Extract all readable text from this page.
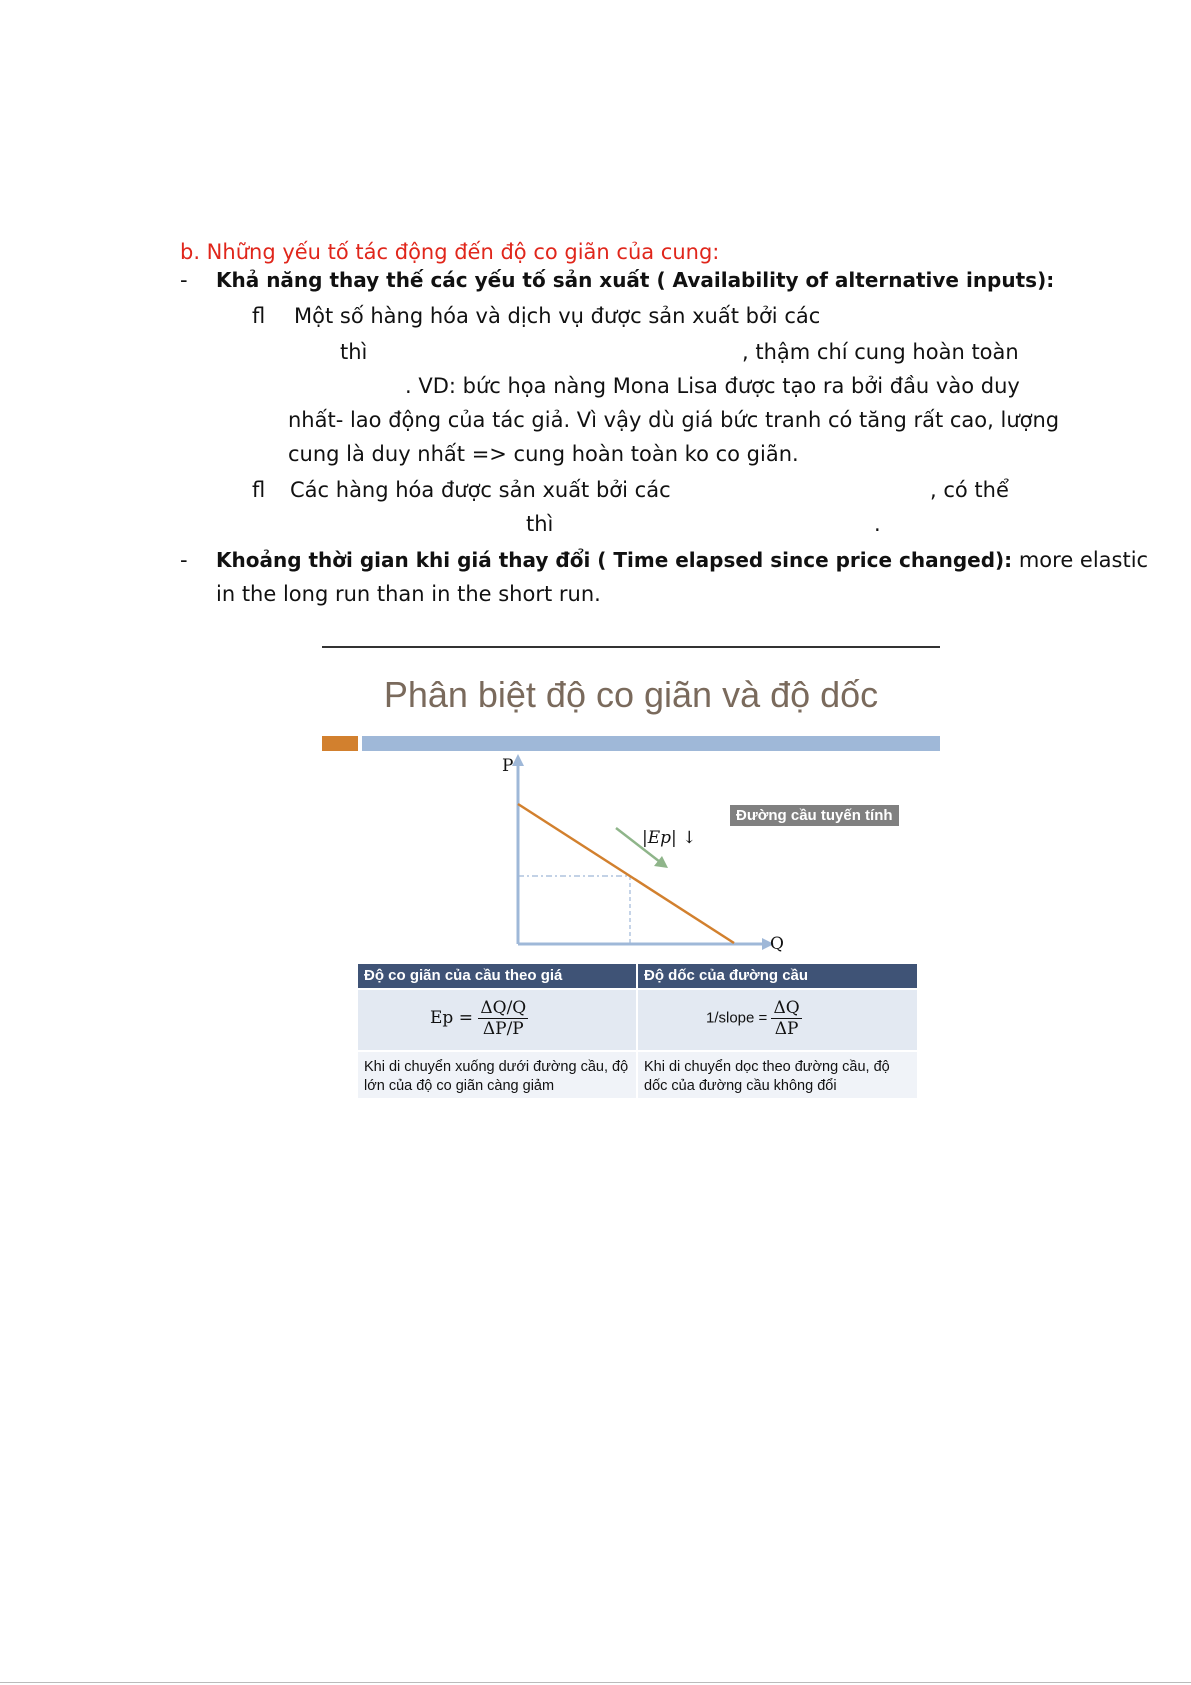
b. Những yếu tố tác động đến độ co giãn của cung:
- Khả năng thay thế các yếu tố sản xuất ( Availability of alternative inputs):
fl Một số hàng hóa và dịch vụ được sản xuất bởi các
thì	, thậm chí cung hoàn toàn
. VD: bức họa nàng Mona Lisa được tạo ra bởi đầu vào duy
nhất- lao động của tác giả. Vì vậy dù giá bức tranh có tăng rất cao, lượng
cung là duy nhất => cung hoàn toàn ko co giãn.
fl Các hàng hóa được sản xuất bởi các	, có thể
thì	.
- Khoảng thời gian khi giá thay đổi ( Time elapsed since price changed): more elastic
in the long run than in the short run.
Phân biệt độ co giãn và độ dốc
P
Q
|Ep| ↓
Đường cầu tuyến tính
Độ co giãn của cầu theo giá	Độ dốc của đường cầu
$Ep = \frac{\Delta Q/Q}{\Delta P/P}$	1/slope = $\frac{\Delta Q}{\Delta P}$
Khi di chuyển xuống dưới đường cầu, độ lớn của độ co giãn càng giảm
Khi di chuyển dọc theo đường cầu, độ dốc của đường cầu không đổi
